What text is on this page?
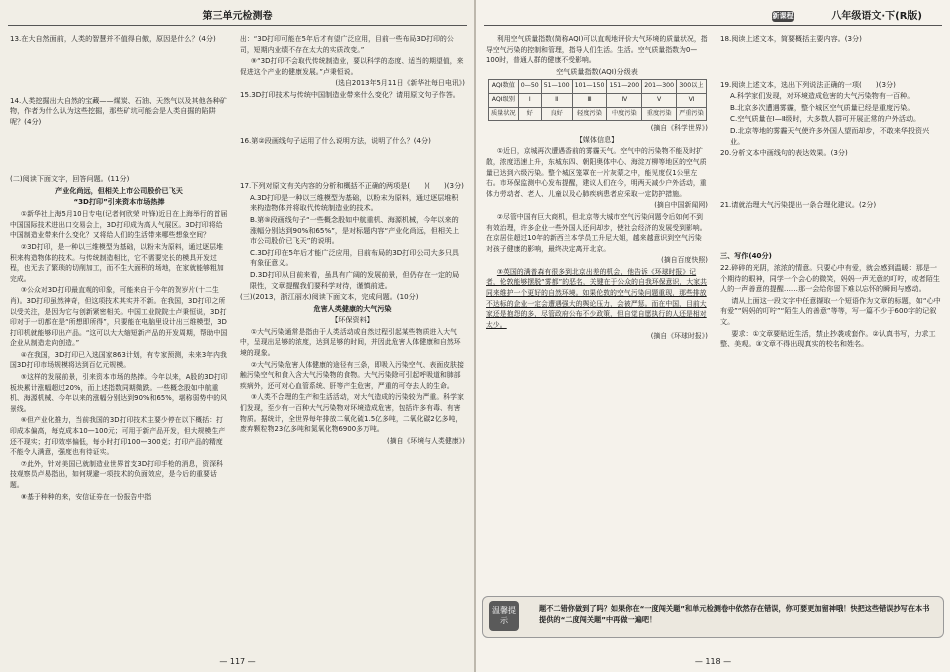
第三单元检测卷

13.在大自然面前，人类的智慧并不值得自傲，原因是什么？(4分)

14.人类挖掘出大自然的宝藏——煤炭、石油、天然气以及其他各种矿物，作者为什么认为这些挖掘，那些矿坑可能会是人类自掘的陷阱呢？(4分)

(二)阅读下面文字，回答问题。(11分)

产业化尚远，但相关上市公司股价已飞天

“3D打印”引来资本市场热捧

①新华社上海5月10日专电(记者何欣荣 叶锋)近日在上海举行的首届中国国际技术进出口交易会上，3D打印成为高人气展区。3D打印将给中国制造业带来什么变化？又将给人们的生活带来哪些想象空间？

②3D打印，是一种以三维模型为基础，以粉末为原料，通过逐层堆积来构造物体的技术。与传统制造相比，它不需要完长的模具开发过程，也无去了繁琐的切削加工，而不生大面积的场地，在家就能够粗加完成。

③公众对3D打印最直观的印象，可能来自于今年的贺岁片(十二生肖)。3D打印虽然神奇，但这项技术其实并不新。在我国，3D打印之所以受关注，是因为它与创新紧密相关。中国工业院院士卢秉恒说，3D打印对于一切都在是“所想即所得”，只要能在电脑里设计出三维模型，3D打印机就能够印出产品。“这可以大大缩短新产品的开发周期，帮助中国企业从制造走向创造。”

④在我国，3D打印已入选国家863计划，有专家预测，未来3年内我国3D打印市场规模将达到百亿元规模。

⑤这样的发展前景，引来资本市场的热捧。今年以来，A股的3D打印板块累计涨幅超过20%，而上述指数同期微跌。一些概念股如中航重机、海源机械、今年以来的涨幅分别达到90%和65%，堪称弱势中的风景线。

⑥但产业化推力，当前我国的3D打印技术主要少停在以下概括：打印成本偏高，每克成本10—100元；可用于新产品开发，但大规模生产还不现实；打印效率偏低，每小时打印100—300克；打印产品的精度不能令人满意，强度也有待证实。

⑦此外，针对美国已就制造业世界首支3D打印手枪的消息，资深科技观察员卢易指出，如何规避一项技术的负面效应，是今后的重要话题。

⑧基于种种的来，安信证券在一份报告中指

出：“3D打印可能在5年后才有望广泛应用，目前一些布局3D打印的公司，短期内业绩不存在太大的实质改变。”

⑨“3D打印不会取代传统制造业，要以科学的态度、适当的期望值，来促进这个产业的健康发展。”卢秉恒说。

(选自2013年5月11日《新华社每日电讯》)

15.3D打印技术与传统中国制造业带来什么变化？请用原文句子作答。

16.第②段画线句子运用了什么说明方法，说明了什么？(4分)

17.下列对原文有关内容的分析和概括不正确的两项是(　　)(　　)(3分)

A.3D打印是一种以三维模型为基础，以粉末为原料，通过逐层堆积来构造物体并将取代传统制造业的技术。

B.第⑤段画线句子“一些概念股如中航重机、海源机械，今年以来的涨幅分别达到90%和65%”，是对标题内容“产业化尚远，但相关上市公司股价已飞天”的说明。

C.3D打印在5年后才能广泛应用，目前布局的3D打印公司大多只具有象征意义。

D.3D打印从目前来看，虽具有广阔的发展前景，但仍存在一定的局限性，文章提醒我们要科学对待，谨慎前进。

(三)(2013，浙江丽水)阅读下面文本，完成问题。(10分)

危害人类健康的大气污染

【环保资料】

①大气污染通常是指由于人类活动或自然过程引起某些物质进入大气中，呈现出足够的浓度，达到足够的时间，并因此危害人体健康和自然环境的现象。

②大气污染危害人体健康的途径有三条，即吸入污染空气、表面皮肤接触污染空气和食入含大气污染物的食物。大气污染除可引起呼吸道和肺部疾病外，还可对心血管系统、肝等产生危害，严重的可夺去人的生命。

③人类不合理的生产和生活活动，对大气造成的污染较为严重。科学家们发现，至少有一百种大气污染物对环境造成危害，包括许多有毒、有害物质。据统计，全世界每年排放二氧化硫1.5亿多吨，二氧化碳2亿多吨，废弃颗粒物23亿多吨和氮氧化物6900多万吨。

(摘自《环境与人类健康》)

— 117 —
新课程	八年级语文·下(R版)

利用空气质量指数(简称AQI)可以直观地评价大气环境的质量状况，指导空气污染的控制和管理，指导人们生活。生活。空气质量指数为0—100时，普通人群的健康不受影响。

空气质量指数(AQI)分级表

AQI数值	0—50	51—100	101—150	151—200	201—300	300以上
AQI级别	Ⅰ	Ⅱ	Ⅲ	Ⅳ	Ⅴ	Ⅵ
质量状况	好	良好	轻度污染	中度污染	重度污染	严重污染

(摘自《科学世界》)

【媒体信息】

①近日，京城再次遭遇香前的雾霾天气。空气中的污染物不能及时扩散，浓度迅速上升，东城东四、朝阳奥体中心、海淀万柳等地区的空气质量已达到六级污染。整个城区笼罩在一片灰蒙之中，能见度仅1公里左右。市环保监测中心发布提醒，建议人们在今，明两天减少户外活动，重体力劳动者、老人、儿童以及心肺疾病患者应采取一定防护措施。

(摘自中国新闻网)

②尽管中国有巨大商机，但北京等大城市空气污染问题令后如何不到有效治理，许多企业一些外国人还问却步，使社会经济的发展受到影响。在京居住超过10年的新西兰本学员工升尼大姐，越来越意识到空气污染对孩子健康的影响，最终决定离开北京。

(摘自百度快照)

③英国的满普森有很多到北京出差的机会，他告诉《环球时报》记者，伦敦能够摆脱“雾都”的恶名，关键在于公众的自我环保意识，大家共同来维护一个更好的自然环境。如果伦敦的空气污染问题重现，那些排放不达标的企业一定会遭遇强大的舆论压力，会被严惩。而在中国，目前大家还是抱怨的多，尽管政府公布不少政策，但自觉自愿执行的人还是相对太少。

(摘自《环球时报》)

18.阅读上述文本，简要概括主要内容。(3分)

19.阅读上述文本，选出下列说法正确的一项(　　)(3分)

A.科学家们发现，对环境造成危害的大气污染物有一百种。

B.北京多次遭遇雾霾，整个城区空气质量已经是重度污染。

C.空气质量在Ⅰ—Ⅱ级时，大多数人群可开展正常的户外活动。

D.北京等地的雾霾天气使许多外国人望而却步，不敢来华投资兴业。

20.分析文本中画线句的表达效果。(3分)

21.请就治理大气污染提出一条合理化建议。(2分)

三、写作(40分)

22.碎碎的光阴，浓浓的情意。只要心中有爱，就会感到温暖：那是一个期待的眼神，同学一个会心的微笑，妈妈一声无意的叮咛，或者陌生人的一声善意的提醒……那一会给你留下难以忘怀的瞬间与感动。

请从上面这一段文字中任意撷取一个短语作为文章的标题，如“心中有爱”“妈妈的叮咛”“陌生人的善意”等等，写一篇不少于600字的记叙文。

要求：①文章要贴近生活，禁止抄袭或套作。②认真书写，力求工整、美观。③文章不得出现真实的校名和姓名。

温馨提示
题不二错你做到了吗？如果你在“一度闯关题”和单元检测卷中依然存在错误，你可要更加留神哦！快把这些错误抄写在本书提供的“二度闯关题”中再做一遍吧！
— 118 —
